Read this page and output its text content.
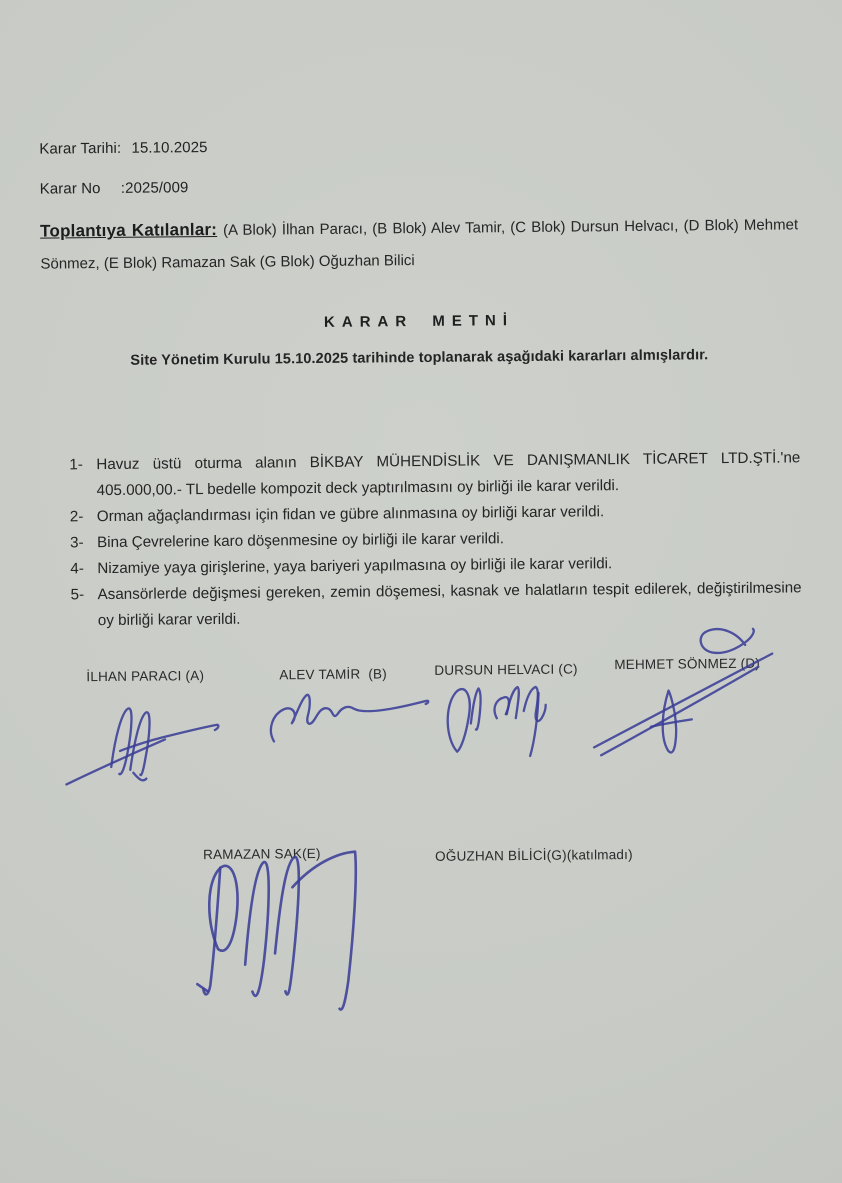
Karar Tarihi: 15.10.2025
Karar No :2025/009

Toplantıya Katılanlar: (A Blok) İlhan Paracı, (B Blok) Alev Tamir, (C Blok) Dursun Helvacı, (D Blok) Mehmet Sönmez, (E Blok) Ramazan Sak (G Blok) Oğuzhan Bilici

KARAR METNİ
Site Yönetim Kurulu 15.10.2025 tarihinde toplanarak aşağıdaki kararları almışlardır.
1- Havuz üstü oturma alanın BİKBAY MÜHENDİSLİK VE DANIŞMANLIK TİCARET LTD.ŞTİ.'ne 405.000,00.- TL bedelle kompozit deck yaptırılmasını oy birliği ile karar verildi.
2- Orman ağaçlandırması için fidan ve gübre alınmasına oy birliği karar verildi.
3- Bina Çevrelerine karo döşenmesine oy birliği ile karar verildi.
4- Nizamiye yaya girişlerine, yaya bariyeri yapılmasına oy birliği ile karar verildi.
5- Asansörlerde değişmesi gereken, zemin döşemesi, kasnak ve halatların tespit edilerek, değiştirilmesine oy birliği karar verildi.
İLHAN PARACI (A)	ALEV TAMİR  (B)	DURSUN HELVACI (C)	MEHMET SÖNMEZ (D)
RAMAZAN SAK(E)	OĞUZHAN BİLİCİ(G)(katılmadı)
